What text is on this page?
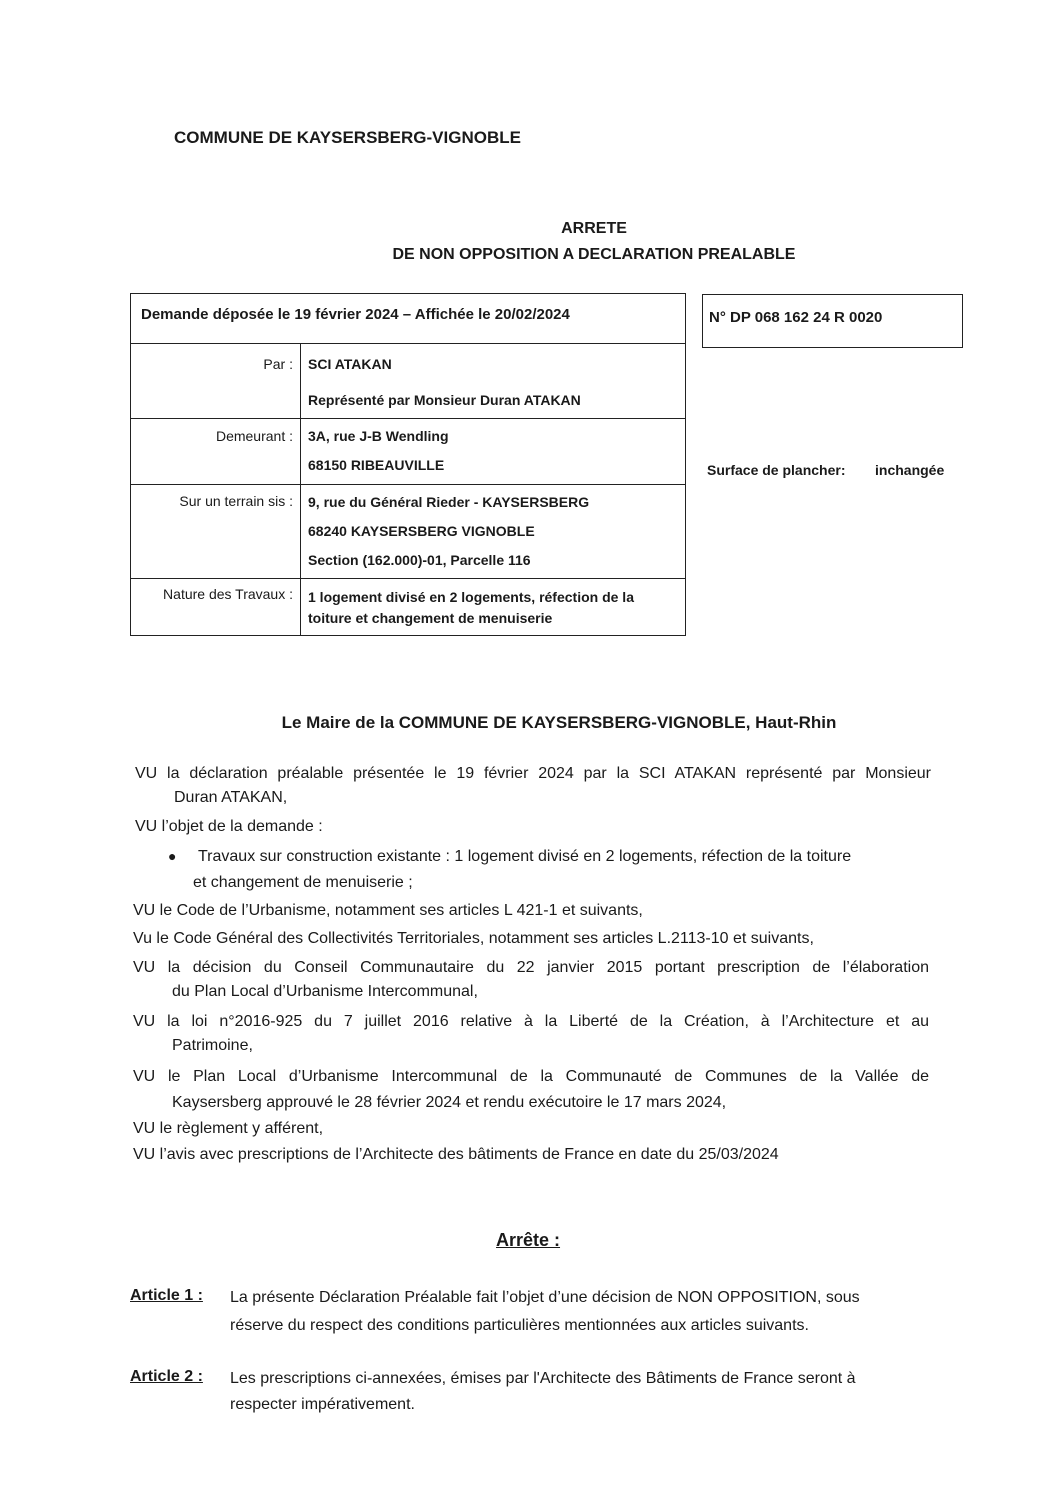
COMMUNE DE KAYSERSBERG-VIGNOBLE
ARRETE
DE NON OPPOSITION A DECLARATION PREALABLE
Demande déposée le 19 février 2024 – Affichée le 20/02/2024
Par : SCI ATAKAN
Représenté par Monsieur Duran ATAKAN
Demeurant : 3A, rue J-B Wendling
68150 RIBEAUVILLE
Sur un terrain sis : 9, rue du Général Rieder - KAYSERSBERG
68240 KAYSERSBERG VIGNOBLE
Section (162.000)-01, Parcelle 116
Nature des Travaux : 1 logement divisé en 2 logements, réfection de la
toiture et changement de menuiserie
N° DP 068 162 24 R 0020
Surface de plancher: inchangée
Le Maire de la COMMUNE DE KAYSERSBERG-VIGNOBLE, Haut-Rhin
VU la déclaration préalable présentée le 19 février 2024 par la SCI ATAKAN représenté par Monsieur
Duran ATAKAN,
VU l’objet de la demande :
● Travaux sur construction existante : 1 logement divisé en 2 logements, réfection de la toiture
et changement de menuiserie ;
VU le Code de l’Urbanisme, notamment ses articles L 421-1 et suivants,
Vu le Code Général des Collectivités Territoriales, notamment ses articles L.2113-10 et suivants,
VU la décision du Conseil Communautaire du 22 janvier 2015 portant prescription de l’élaboration
du Plan Local d’Urbanisme Intercommunal,
VU la loi n°2016-925 du 7 juillet 2016 relative à la Liberté de la Création, à l’Architecture et au
Patrimoine,
VU le Plan Local d’Urbanisme Intercommunal de la Communauté de Communes de la Vallée de
Kaysersberg approuvé le 28 février 2024 et rendu exécutoire le 17 mars 2024,
VU le règlement y afférent,
VU l’avis avec prescriptions de l’Architecte des bâtiments de France en date du 25/03/2024
Arrête :
Article 1 : La présente Déclaration Préalable fait l’objet d’une décision de NON OPPOSITION, sous
réserve du respect des conditions particulières mentionnées aux articles suivants.
Article 2 : Les prescriptions ci-annexées, émises par l'Architecte des Bâtiments de France seront à
respecter impérativement.
